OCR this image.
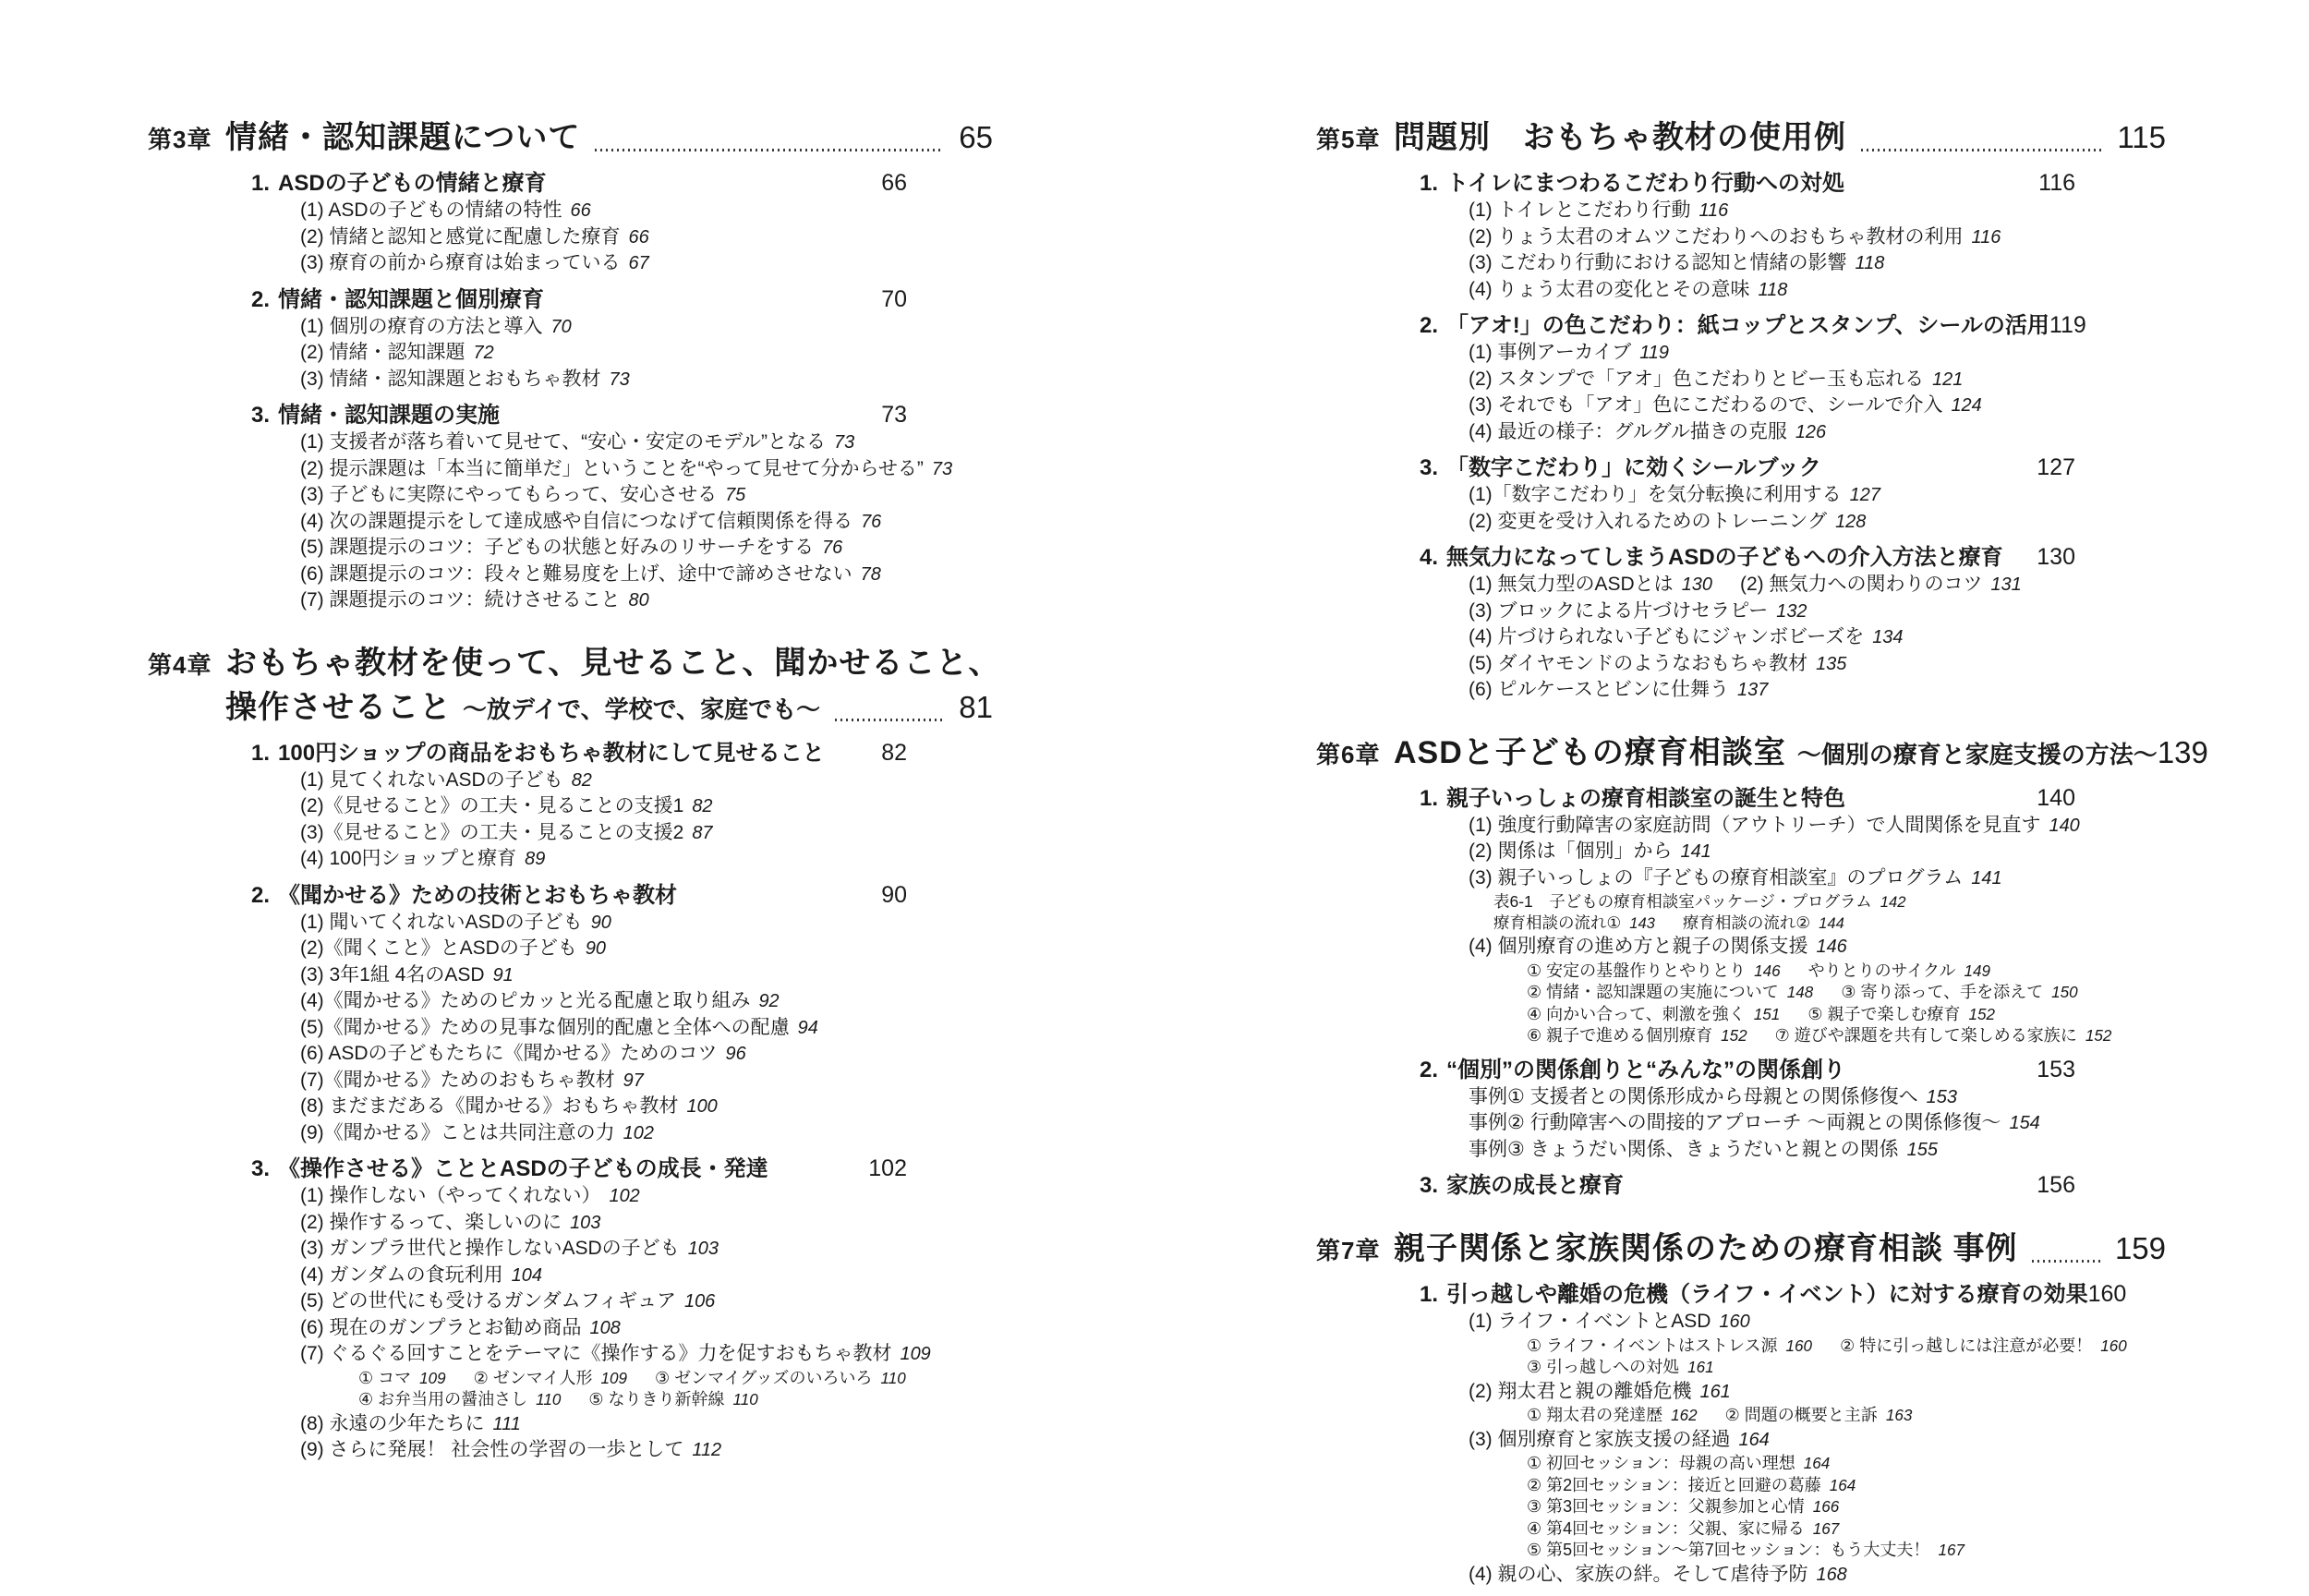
第3章 情緒・認知課題について	65
1. ASDの子どもの情緒と療育	66
(1) ASDの子どもの情緒の特性 66
(2) 情緒と認知と感覚に配慮した療育 66
(3) 療育の前から療育は始まっている 67
2. 情緒・認知課題と個別療育	70
(1) 個別の療育の方法と導入 70
(2) 情緒・認知課題 72
(3) 情緒・認知課題とおもちゃ教材 73
3. 情緒・認知課題の実施	73
(1) 支援者が落ち着いて見せて、“安心・安定のモデル”となる 73
(2) 提示課題は「本当に簡単だ」ということを“やって見せて分からせる” 73
(3) 子どもに実際にやってもらって、安心させる 75
(4) 次の課題提示をして達成感や自信につなげて信頼関係を得る 76
(5) 課題提示のコツ：子どもの状態と好みのリサーチをする 76
(6) 課題提示のコツ：段々と難易度を上げ、途中で諦めさせない 78
(7) 課題提示のコツ：続けさせること 80
第4章 おもちゃ教材を使って、見せること、聞かせること、
操作させること ～放デイで、学校で、家庭でも～	81
1. 100円ショップの商品をおもちゃ教材にして見せること 82
(1) 見てくれないASDの子ども 82
(2)《見せること》の工夫・見ることの支援1 82
(3)《見せること》の工夫・見ることの支援2 87
(4) 100円ショップと療育 89
2. 《聞かせる》ための技術とおもちゃ教材	90
(1) 聞いてくれないASDの子ども 90
(2)《聞くこと》とASDの子ども 90
(3) 3年1組 4名のASD 91
(4)《聞かせる》ためのピカッと光る配慮と取り組み 92
(5)《聞かせる》ための見事な個別的配慮と全体への配慮 94
(6) ASDの子どもたちに《聞かせる》ためのコツ 96
(7)《聞かせる》ためのおもちゃ教材 97
(8) まだまだある《聞かせる》おもちゃ教材 100
(9)《聞かせる》ことは共同注意の力 102
3. 《操作させる》こととASDの子どもの成長・発達	102
(1) 操作しない（やってくれない） 102
(2) 操作するって、楽しいのに 103
(3) ガンプラ世代と操作しないASDの子ども 103
(4) ガンダムの食玩利用 104
(5) どの世代にも受けるガンダムフィギュア 106
(6) 現在のガンプラとお勧め商品 108
(7) ぐるぐる回すことをテーマに《操作する》力を促すおもちゃ教材 109
① コマ 109 ② ゼンマイ人形 109 ③ ゼンマイグッズのいろいろ 110
④ お弁当用の醤油さし 110 ⑤ なりきり新幹線 110
(8) 永遠の少年たちに 111
(9) さらに発展！ 社会性の学習の一歩として 112
第5章 問題別　おもちゃ教材の使用例	115
1. トイレにまつわるこだわり行動への対処	116
(1) トイレとこだわり行動 116
(2) りょう太君のオムツこだわりへのおもちゃ教材の利用 116
(3) こだわり行動における認知と情緒の影響 118
(4) りょう太君の変化とその意味 118
2. 「アオ!」の色こだわり：紙コップとスタンプ、シールの活用 119
(1) 事例アーカイブ 119
(2) スタンプで「アオ」色こだわりとビー玉も忘れる 121
(3) それでも「アオ」色にこだわるので、シールで介入 124
(4) 最近の様子：グルグル描きの克服 126
3. 「数字こだわり」に効くシールブック	127
(1)「数字こだわり」を気分転換に利用する 127
(2) 変更を受け入れるためのトレーニング 128
4. 無気力になってしまうASDの子どもへの介入方法と療育 130
(1) 無気力型のASDとは 130 (2) 無気力への関わりのコツ 131
(3) ブロックによる片づけセラピー 132
(4) 片づけられない子どもにジャンボビーズを 134
(5) ダイヤモンドのようなおもちゃ教材 135
(6) ピルケースとビンに仕舞う 137
第6章 ASDと子どもの療育相談室 ～個別の療育と家庭支援の方法～ 139
1. 親子いっしょの療育相談室の誕生と特色	140
(1) 強度行動障害の家庭訪問（アウトリーチ）で人間関係を見直す 140
(2) 関係は「個別」から 141
(3) 親子いっしょの『子どもの療育相談室』のプログラム 141
表6-1　子どもの療育相談室パッケージ・プログラム 142
療育相談の流れ① 143 療育相談の流れ② 144
(4) 個別療育の進め方と親子の関係支援 146
① 安定の基盤作りとやりとり 146 やりとりのサイクル 149
② 情緒・認知課題の実施について 148 ③ 寄り添って、手を添えて 150
④ 向かい合って、刺激を強く 151 ⑤ 親子で楽しむ療育 152
⑥ 親子で進める個別療育 152 ⑦ 遊びや課題を共有して楽しめる家族に 152
2. “個別”の関係創りと“みんな”の関係創り	153
事例① 支援者との関係形成から母親との関係修復へ 153
事例② 行動障害への間接的アプローチ ～両親との関係修復～ 154
事例③ きょうだい関係、きょうだいと親との関係 155
3. 家族の成長と療育	156
第7章 親子関係と家族関係のための療育相談 事例	159
1. 引っ越しや離婚の危機（ライフ・イベント）に対する療育の効果 160
(1) ライフ・イベントとASD 160
① ライフ・イベントはストレス源 160 ② 特に引っ越しには注意が必要！ 160
③ 引っ越しへの対処 161
(2) 翔太君と親の離婚危機 161
① 翔太君の発達歴 162 ② 問題の概要と主訴 163
(3) 個別療育と家族支援の経過 164
① 初回セッション：母親の高い理想 164
② 第2回セッション：接近と回避の葛藤 164
③ 第3回セッション：父親参加と心情 166
④ 第4回セッション：父親、家に帰る 167
⑤ 第5回セッション～第7回セッション：もう大丈夫！ 167
(4) 親の心、家族の絆。そして虐待予防 168
